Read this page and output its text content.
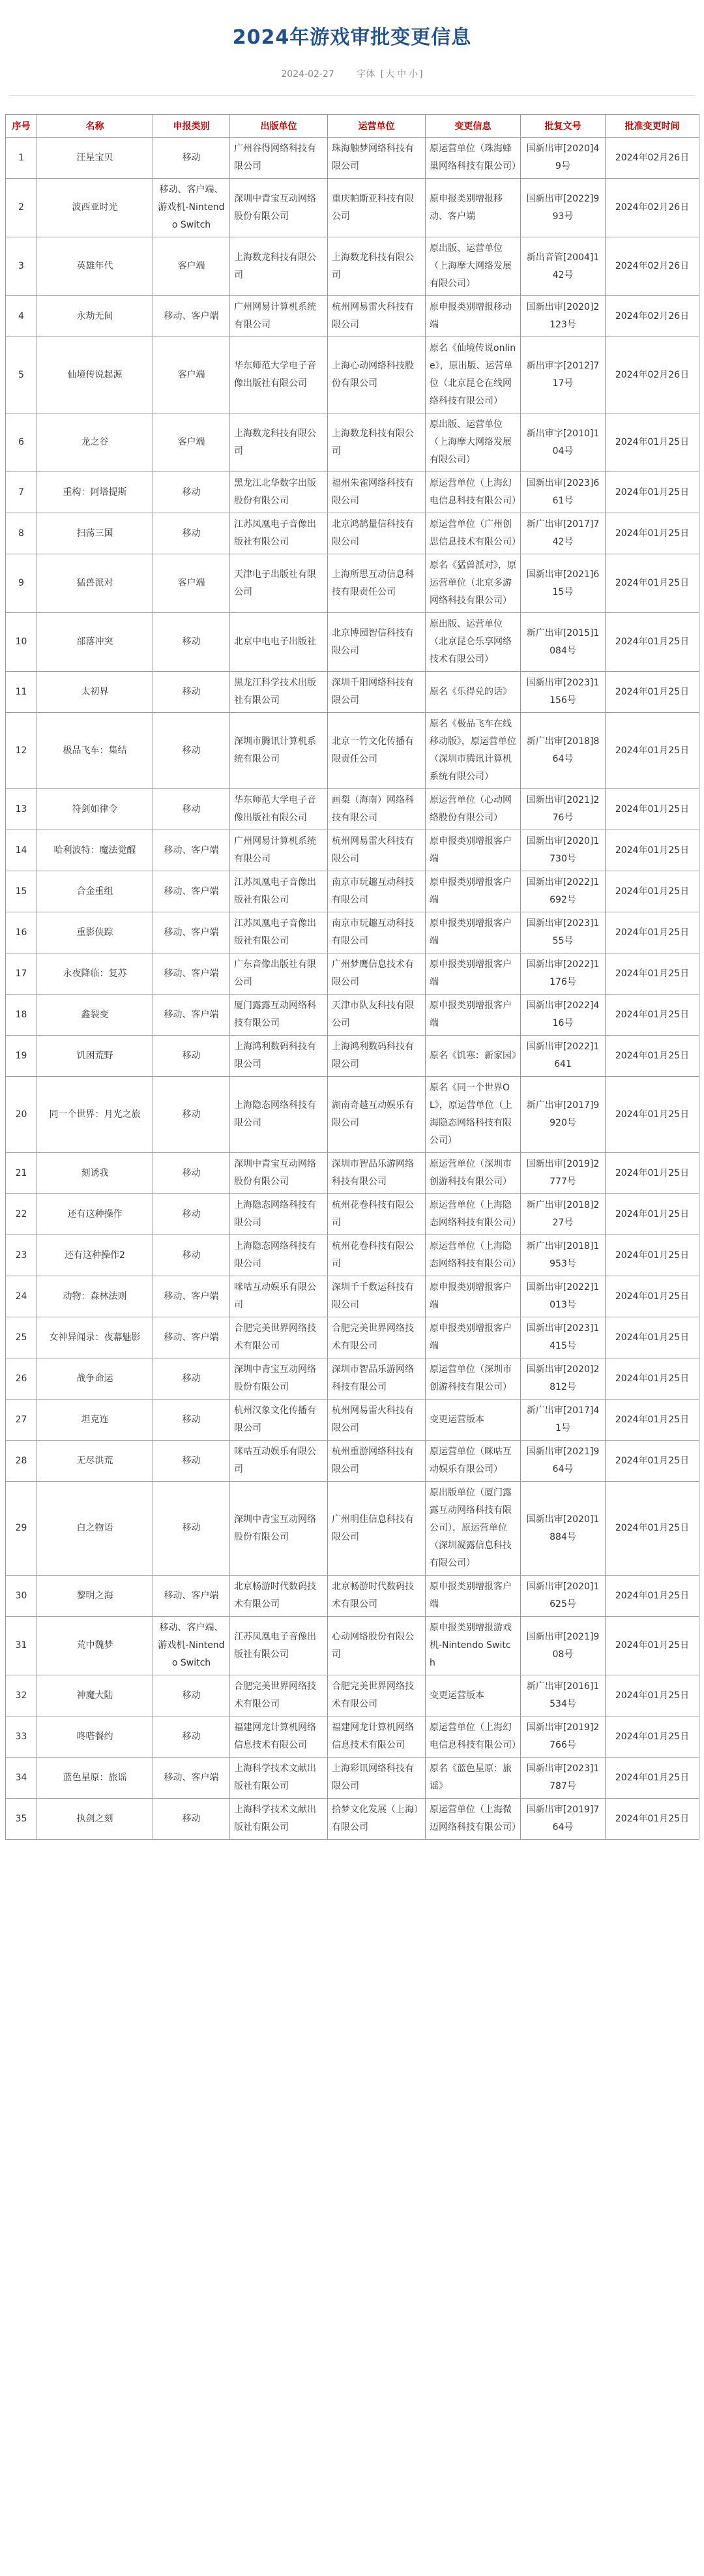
2024年游戏审批变更信息
2024-02-27 字体 [ 大 中 小 ]
序号	名称	申报类别	出版单位	运营单位	变更信息	批复文号	批准变更时间
1	汪星宝贝	移动	广州谷得网络科技有限公司	珠海触梦网络科技有限公司	原运营单位（珠海蜂巢网络科技有限公司）	国新出审[2020]49号	2024年02月26日
2	波西亚时光	移动、客户端、游戏机-Nintendo Switch	深圳中青宝互动网络股份有限公司	重庆帕斯亚科技有限公司	原申报类别增报移动、客户端	国新出审[2022]993号	2024年02月26日
3	英雄年代	客户端	上海数龙科技有限公司	上海数龙科技有限公司	原出版、运营单位（上海摩大网络发展有限公司）	新出音管[2004]142号	2024年02月26日
4	永劫无间	移动、客户端	广州网易计算机系统有限公司	杭州网易雷火科技有限公司	原申报类别增报移动端	国新出审[2020]2123号	2024年02月26日
5	仙境传说起源	客户端	华东师范大学电子音像出版社有限公司	上海心动网络科技股份有限公司	原名《仙境传说online》，原出版、运营单位（北京昆仑在线网络科技有限公司）	新出审字[2012]717号	2024年02月26日
6	龙之谷	客户端	上海数龙科技有限公司	上海数龙科技有限公司	原出版、运营单位（上海摩大网络发展有限公司）	新出审字[2010]104号	2024年01月25日
7	重构：阿塔提斯	移动	黑龙江北华数字出版股份有限公司	福州朱雀网络科技有限公司	原运营单位（上海幻电信息科技有限公司）	国新出审[2023]661号	2024年01月25日
8	扫荡三国	移动	江苏凤凰电子音像出版社有限公司	北京鸿鹄量信科技有限公司	原运营单位（广州创思信息技术有限公司）	新广出审[2017]742号	2024年01月25日
9	猛兽派对	客户端	天津电子出版社有限公司	上海所思互动信息科技有限责任公司	原名《猛兽派对》，原运营单位（北京多游网络科技有限公司）	国新出审[2021]615号	2024年01月25日
10	部落冲突	移动	北京中电电子出版社	北京博园智信科技有限公司	原出版、运营单位（北京昆仑乐享网络技术有限公司）	新广出审[2015]1084号	2024年01月25日
11	太初界	移动	黑龙江科学技术出版社有限公司	深圳千阳网络科技有限公司	原名《乐得兑的话》	国新出审[2023]1156号	2024年01月25日
12	极品飞车：集结	移动	深圳市腾讯计算机系统有限公司	北京一竹文化传播有限责任公司	原名《极品飞车在线移动版》，原运营单位（深圳市腾讯计算机系统有限公司）	新广出审[2018]864号	2024年01月25日
13	符剑如律令	移动	华东师范大学电子音像出版社有限公司	画梨（海南）网络科技有限公司	原运营单位（心动网络股份有限公司）	国新出审[2021]276号	2024年01月25日
14	哈利波特：魔法觉醒	移动、客户端	广州网易计算机系统有限公司	杭州网易雷火科技有限公司	原申报类别增报客户端	国新出审[2020]1730号	2024年01月25日
15	合金重组	移动、客户端	江苏凤凰电子音像出版社有限公司	南京市玩趣互动科技有限公司	原申报类别增报客户端	国新出审[2022]1692号	2024年01月25日
16	重影侠踪	移动、客户端	江苏凤凰电子音像出版社有限公司	南京市玩趣互动科技有限公司	原申报类别增报客户端	国新出审[2023]155号	2024年01月25日
17	永夜降临：复苏	移动、客户端	广东音像出版社有限公司	广州梦鹰信息技术有限公司	原申报类别增报客户端	国新出审[2022]1176号	2024年01月25日
18	鑫裂变	移动、客户端	厦门露露互动网络科技有限公司	天津市队友科技有限公司	原申报类别增报客户端	国新出审[2022]416号	2024年01月25日
19	饥困荒野	移动	上海鸿利数码科技有限公司	上海鸿利数码科技有限公司	原名《饥寒：新家园》	国新出审[2022]1641	2024年01月25日
20	同一个世界：月光之旅	移动	上海隐态网络科技有限公司	湖南奇越互动娱乐有限公司	原名《同一个世界OL》，原运营单位（上海隐态网络科技有限公司）	新广出审[2017]9920号	2024年01月25日
21	刻诱我	移动	深圳中青宝互动网络股份有限公司	深圳市智品乐游网络科技有限公司	原运营单位（深圳市创游科技有限公司）	国新出审[2019]2777号	2024年01月25日
22	还有这种操作	移动	上海隐态网络科技有限公司	杭州花卷科技有限公司	原运营单位（上海隐态网络科技有限公司）	新广出审[2018]227号	2024年01月25日
23	还有这种操作2	移动	上海隐态网络科技有限公司	杭州花卷科技有限公司	原运营单位（上海隐态网络科技有限公司）	新广出审[2018]1953号	2024年01月25日
24	动物：森林法则	移动、客户端	咪咕互动娱乐有限公司	深圳千千数运科技有限公司	原申报类别增报客户端	国新出审[2022]1013号	2024年01月25日
25	女神异闻录：夜幕魅影	移动、客户端	合肥完美世界网络技术有限公司	合肥完美世界网络技术有限公司	原申报类别增报客户端	国新出审[2023]1415号	2024年01月25日
26	战争命运	移动	深圳中青宝互动网络股份有限公司	深圳市智品乐游网络科技有限公司	原运营单位（深圳市创游科技有限公司）	国新出审[2020]2812号	2024年01月25日
27	坦克连	移动	杭州汉象文化传播有限公司	杭州网易雷火科技有限公司	变更运营版本	新广出审[2017]41号	2024年01月25日
28	无尽洪荒	移动	咪咕互动娱乐有限公司	杭州重游网络科技有限公司	原运营单位（咪咕互动娱乐有限公司）	国新出审[2021]964号	2024年01月25日
29	白之物语	移动	深圳中青宝互动网络股份有限公司	广州明佳信息科技有限公司	原出版单位（厦门露露互动网络科技有限公司），原运营单位（深圳凝露信息科技有限公司）	国新出审[2020]1884号	2024年01月25日
30	黎明之海	移动、客户端	北京畅游时代数码技术有限公司	北京畅游时代数码技术有限公司	原申报类别增报客户端	国新出审[2020]1625号	2024年01月25日
31	荒中魏梦	移动、客户端、游戏机-Nintendo Switch	江苏凤凰电子音像出版社有限公司	心动网络股份有限公司	原申报类别增报游戏机-Nintendo Switch	国新出审[2021]908号	2024年01月25日
32	神魔大陆	移动	合肥完美世界网络技术有限公司	合肥完美世界网络技术有限公司	变更运营版本	新广出审[2016]1534号	2024年01月25日
33	咚嗒餐约	移动	福建网龙计算机网络信息技术有限公司	福建网龙计算机网络信息技术有限公司	原运营单位（上海幻电信息科技有限公司）	国新出审[2019]2766号	2024年01月25日
34	蓝色星原：旅谣	移动、客户端	上海科学技术文献出版社有限公司	上海彩讯网络科技有限公司	原名《蓝色星原：旅谣》	国新出审[2023]1787号	2024年01月25日
35	执剑之刻	移动	上海科学技术文献出版社有限公司	拾梦文化发展（上海）有限公司	原运营单位（上海微迈网络科技有限公司）	国新出审[2019]764号	2024年01月25日
